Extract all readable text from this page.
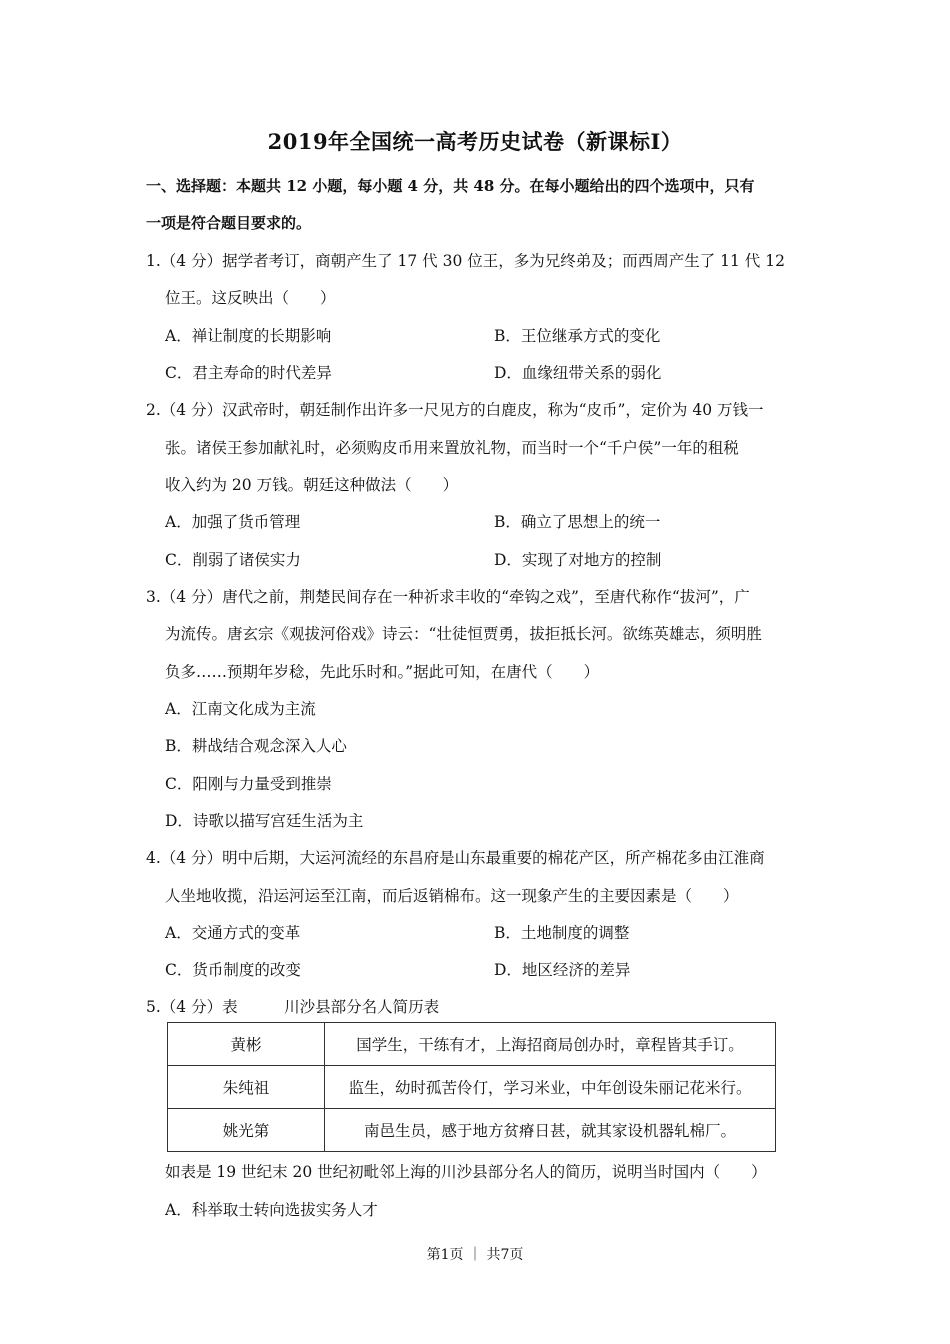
2019年全国统一高考历史试卷（新课标Ⅰ）
一、选择题：本题共 12 小题，每小题 4 分，共 48 分。在每小题给出的四个选项中，只有
一项是符合题目要求的。
1.（4 分）据学者考订，商朝产生了 17 代 30 位王，多为兄终弟及；而西周产生了 11 代 12
位王。这反映出（　　）
A．禅让制度的长期影响	B．王位继承方式的变化
C．君主寿命的时代差异	D．血缘纽带关系的弱化
2.（4 分）汉武帝时，朝廷制作出许多一尺见方的白鹿皮，称为“皮币”，定价为 40 万钱一
张。诸侯王参加献礼时，必须购皮币用来置放礼物，而当时一个“千户侯”一年的租税
收入约为 20 万钱。朝廷这种做法（　　）
A．加强了货币管理	B．确立了思想上的统一
C．削弱了诸侯实力	D．实现了对地方的控制
3.（4 分）唐代之前，荆楚民间存在一种祈求丰收的“牵钩之戏”，至唐代称作“拔河”，广
为流传。唐玄宗《观拔河俗戏》诗云：“壮徒恒贾勇，拔拒抵长河。欲练英雄志，须明胜
负多……预期年岁稔，先此乐时和。”据此可知，在唐代（　　）
A．江南文化成为主流
B．耕战结合观念深入人心
C．阳刚与力量受到推崇
D．诗歌以描写宫廷生活为主
4.（4 分）明中后期，大运河流经的东昌府是山东最重要的棉花产区，所产棉花多由江淮商
人坐地收揽，沿运河运至江南，而后返销棉布。这一现象产生的主要因素是（　　）
A．交通方式的变革	B．土地制度的调整
C．货币制度的改变	D．地区经济的差异
5.（4 分）表　　　川沙县部分名人简历表
黄彬	国学生，干练有才，上海招商局创办时，章程皆其手订。
朱纯祖	监生，幼时孤苦伶仃，学习米业，中年创设朱丽记花米行。
姚光第	南邑生员，感于地方贫瘠日甚，就其家设机器轧棉厂。
如表是 19 世纪末 20 世纪初毗邻上海的川沙县部分名人的简历，说明当时国内（　　）
A．科举取士转向选拔实务人才
第1页 ｜ 共7页
